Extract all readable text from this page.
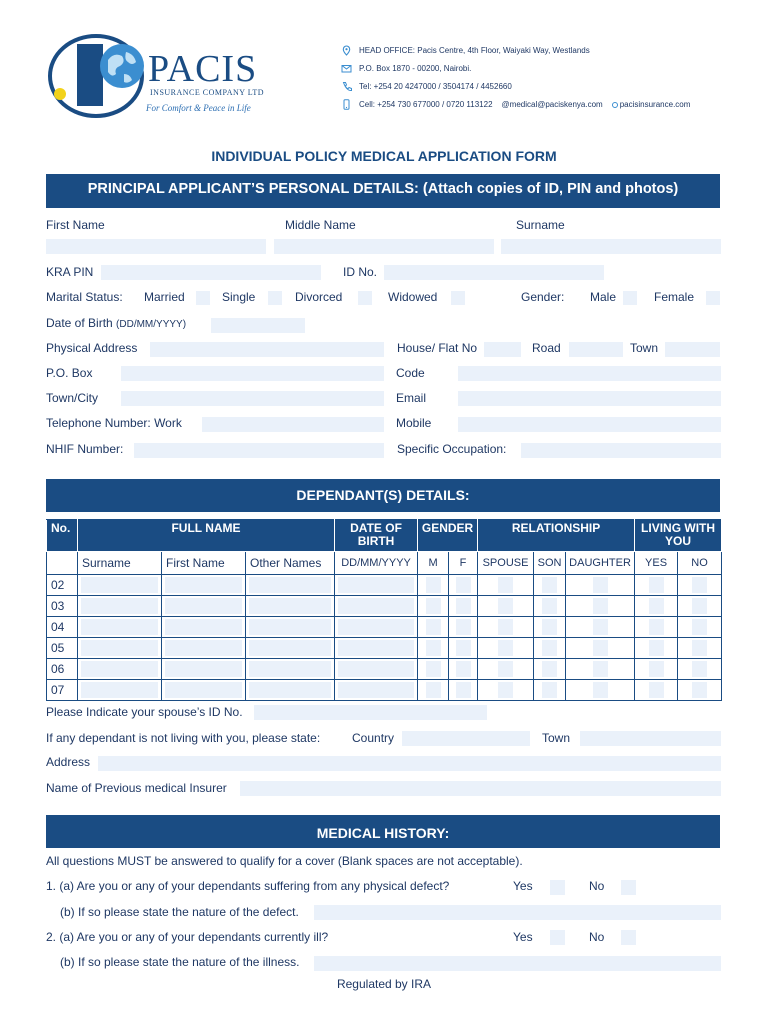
PACIS
INSURANCE COMPANY LTD
For Comfort & Peace in Life
HEAD OFFICE: Pacis Centre, 4th Floor, Waiyaki Way, Westlands
P.O. Box 1870 - 00200, Nairobi.
Tel: +254 20 4247000 / 3504174 / 4452660
Cell: +254 730 677000 / 0720 113122 @medical@paciskenya.com pacisinsurance.com
INDIVIDUAL POLICY MEDICAL APPLICATION FORM
PRINCIPAL APPLICANT’S PERSONAL DETAILS: (Attach copies of ID, PIN and photos)
First Name	Middle Name	Surname
KRA PIN	ID No.
Marital Status: Married	Single	Divorced	Widowed	Gender: Male	Female
Date of Birth (DD/MM/YYYY)
Physical Address	House/ Flat No	Road	Town
P.O. Box	Code
Town/City	Email
Telephone Number: Work	Mobile
NHIF Number:	Specific Occupation:
DEPENDANT(S) DETAILS:
No.	FULL NAME			DATE OF BIRTH	GENDER		RELATIONSHIP			LIVING WITH YOU	
	Surname	First Name	Other Names	DD/MM/YYYY	M	F	SPOUSE	SON	DAUGHTER	YES	NO
02	

03	

04	

05	

06	

07	

Please Indicate your spouse’s ID No.
If any dependant is not living with you, please state:	Country	Town
Address
Name of Previous medical Insurer
MEDICAL HISTORY:
All questions MUST be answered to qualify for a cover (Blank spaces are not acceptable).
1. (a) Are you or any of your dependants suffering from any physical defect?	Yes	No
(b) If so please state the nature of the defect.
2. (a) Are you or any of your dependants currently ill?	Yes	No
(b) If so please state the nature of the illness.
Regulated by IRA
